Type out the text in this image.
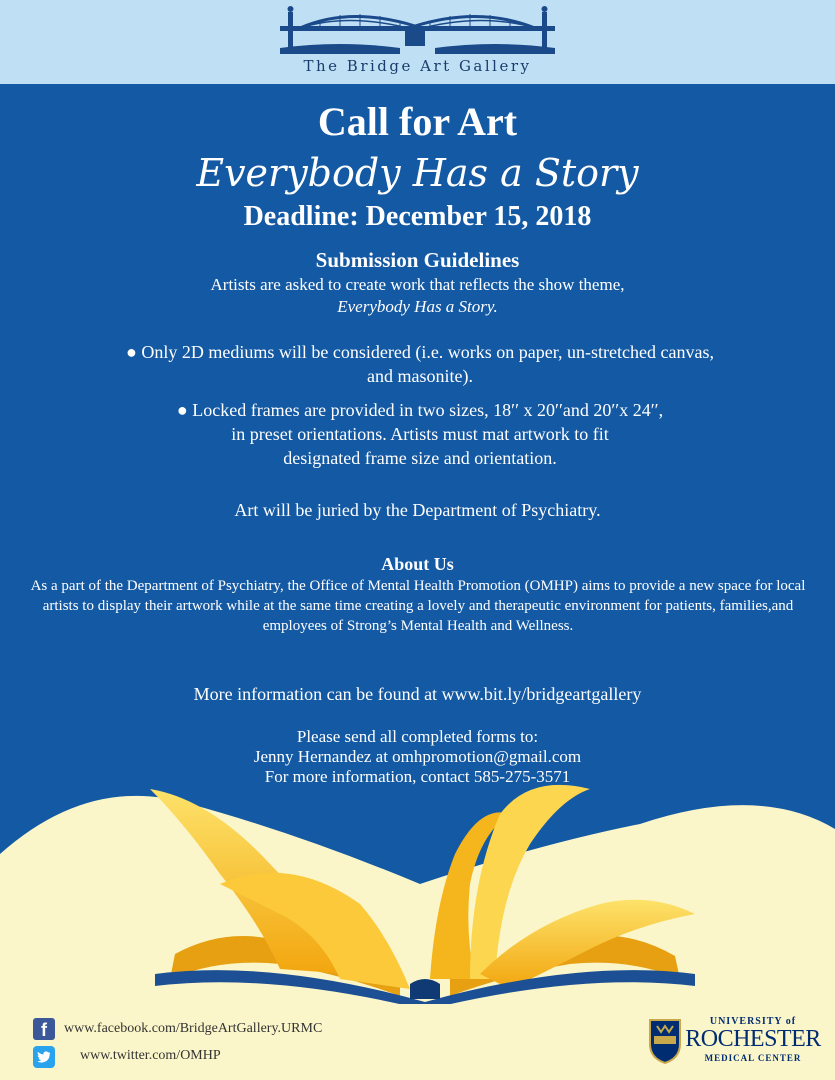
The Bridge Art Gallery
Call for Art
Everybody Has a Story
Deadline: December 15, 2018
Submission Guidelines
Artists are asked to create work that reflects the show theme,
Everybody Has a Story.
● Only 2D mediums will be considered (i.e. works on paper, un-stretched canvas,
and masonite).
● Locked frames are provided in two sizes, 18′′ x 20′′and 20′′x 24′′,
in preset orientations. Artists must mat artwork to fit
designated frame size and orientation.
Art will be juried by the Department of Psychiatry.
About Us
As a part of the Department of Psychiatry, the Office of Mental Health Promotion (OMHP) aims to provide a new space for local artists to display their artwork while at the same time creating a lovely and therapeutic environment for patients, families,and employees of Strong’s Mental Health and Wellness.
More information can be found at www.bit.ly/bridgeartgallery
Please send all completed forms to:
Jenny Hernandez at omhpromotion@gmail.com
For more information, contact 585-275-3571
f	www.facebook.com/BridgeArtGallery.URMC
www.twitter.com/OMHP
UNIVERSITY of
ROCHESTER
MEDICAL CENTER
